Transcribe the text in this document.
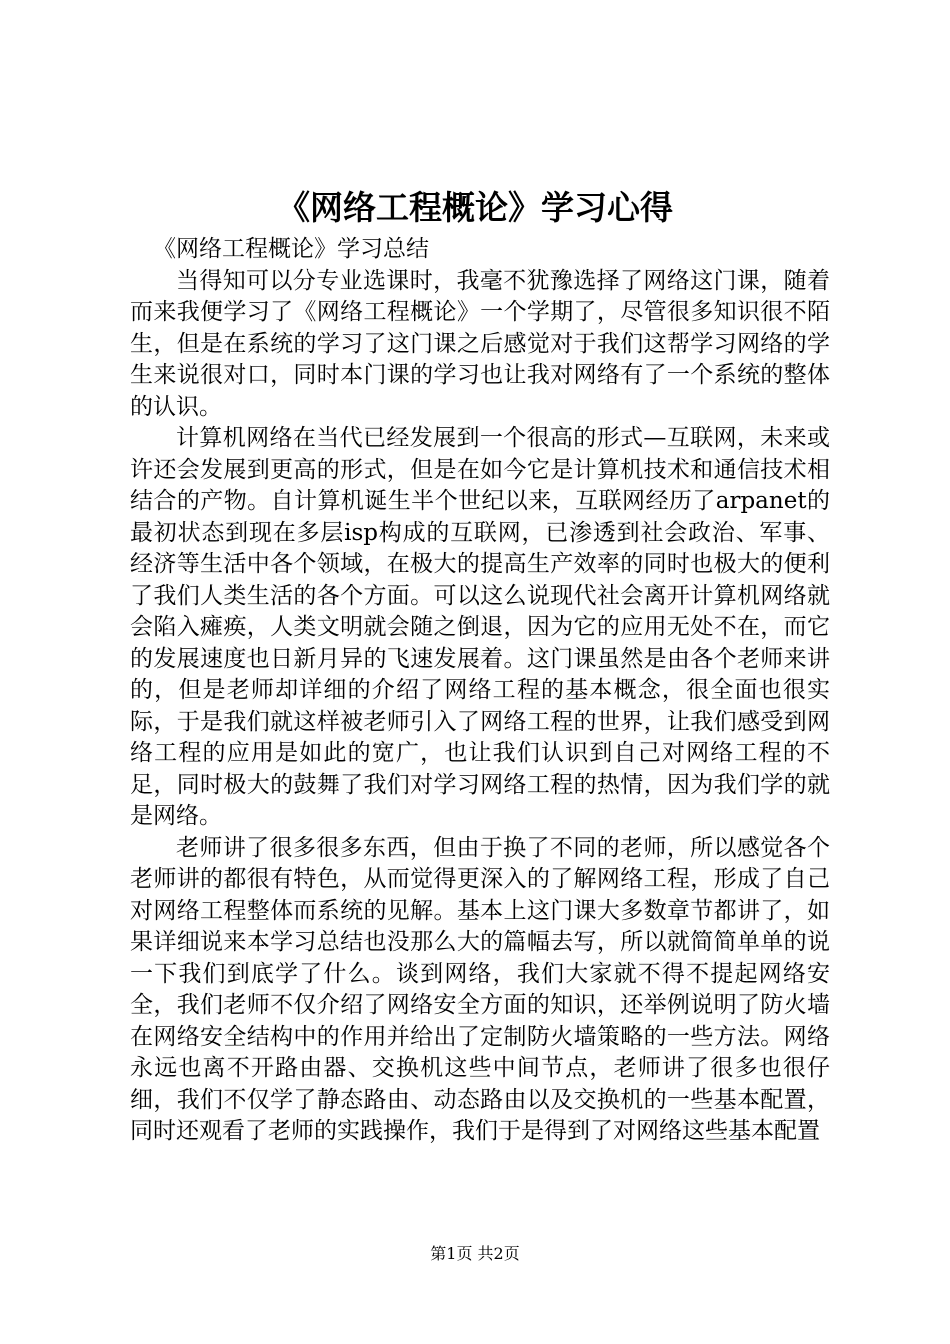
《网络工程概论》学习心得

《网络工程概论》学习总结

当得知可以分专业选课时，我毫不犹豫选择了网络这门课，随着而来我便学习了《网络工程概论》一个学期了，尽管很多知识很不陌生，但是在系统的学习了这门课之后感觉对于我们这帮学习网络的学生来说很对口，同时本门课的学习也让我对网络有了一个系统的整体的认识。

计算机网络在当代已经发展到一个很高的形式—互联网，未来或许还会发展到更高的形式，但是在如今它是计算机技术和通信技术相结合的产物。自计算机诞生半个世纪以来，互联网经历了arpanet的最初状态到现在多层isp构成的互联网，已渗透到社会政治、军事、经济等生活中各个领域，在极大的提高生产效率的同时也极大的便利了我们人类生活的各个方面。可以这么说现代社会离开计算机网络就会陷入瘫痪，人类文明就会随之倒退，因为它的应用无处不在，而它的发展速度也日新月异的飞速发展着。这门课虽然是由各个老师来讲的，但是老师却详细的介绍了网络工程的基本概念，很全面也很实际，于是我们就这样被老师引入了网络工程的世界，让我们感受到网络工程的应用是如此的宽广，也让我们认识到自己对网络工程的不足，同时极大的鼓舞了我们对学习网络工程的热情，因为我们学的就是网络。

老师讲了很多很多东西，但由于换了不同的老师，所以感觉各个老师讲的都很有特色，从而觉得更深入的了解网络工程，形成了自己对网络工程整体而系统的见解。基本上这门课大多数章节都讲了，如果详细说来本学习总结也没那么大的篇幅去写，所以就简简单单的说一下我们到底学了什么。谈到网络，我们大家就不得不提起网络安全，我们老师不仅介绍了网络安全方面的知识，还举例说明了防火墙在网络安全结构中的作用并给出了定制防火墙策略的一些方法。网络永远也离不开路由器、交换机这些中间节点，老师讲了很多也很仔细，我们不仅学了静态路由、动态路由以及交换机的一些基本配置，同时还观看了老师的实践操作，我们于是得到了对网络这些基本配置

第1页 共2页
